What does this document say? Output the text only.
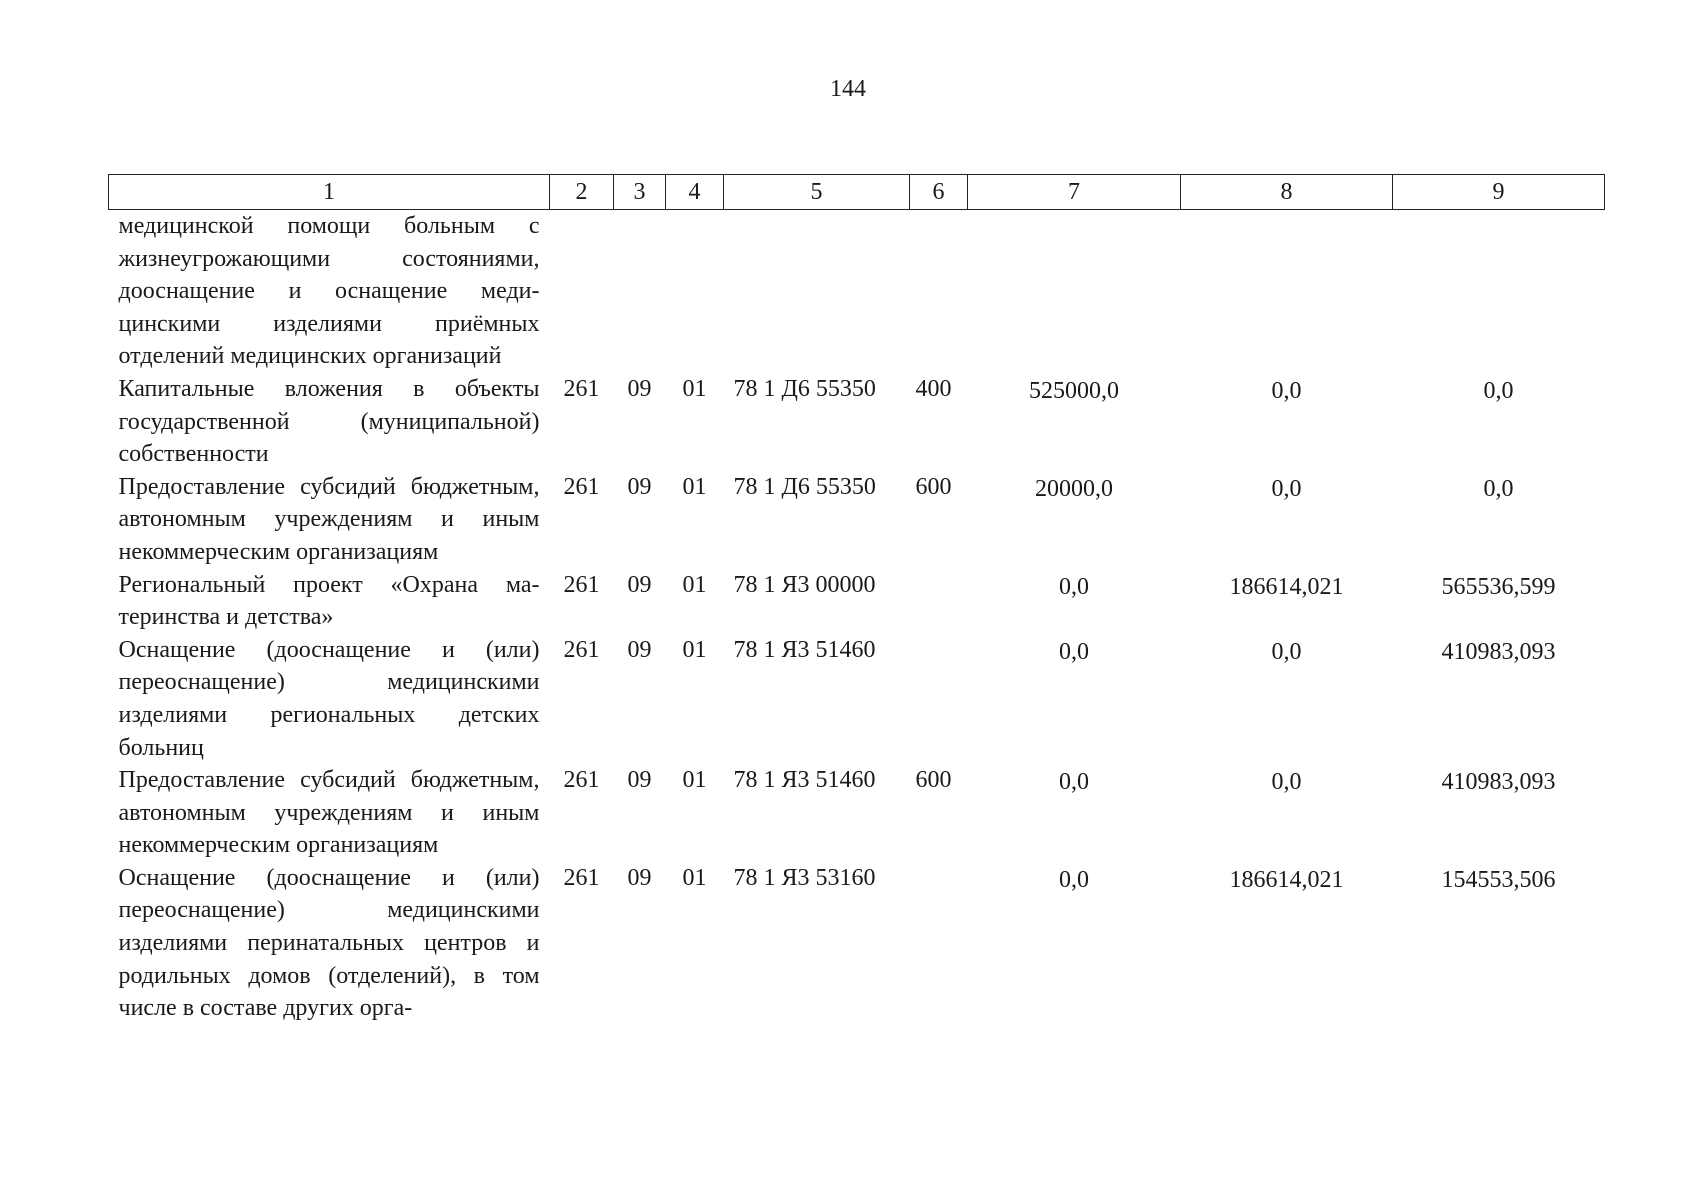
144
1	2	3	4	5	6	7	8	9
медицинской помощи больным с жизнеугрожающими состояниями, дооснащение и оснащение медицинскими изделиями приёмных отделений медицинских организаций								
Капитальные вложения в объекты государственной (муниципальной) собственности	261	09	01	78 1 Д6 55350	400	525000,0	0,0	0,0
Предоставление субсидий бюджетным, автономным учреждениям и иным некоммерческим организациям	261	09	01	78 1 Д6 55350	600	20000,0	0,0	0,0
Региональный проект «Охрана материнства и детства»	261	09	01	78 1 Я3 00000		0,0	186614,021	565536,599
Оснащение (дооснащение и (или) переоснащение) медицинскими изделиями региональных детских больниц	261	09	01	78 1 Я3 51460		0,0	0,0	410983,093
Предоставление субсидий бюджетным, автономным учреждениям и иным некоммерческим организациям	261	09	01	78 1 Я3 51460	600	0,0	0,0	410983,093
Оснащение (дооснащение и (или) переоснащение) медицинскими изделиями перинатальных центров и родильных домов (отделений), в том числе в составе других орга-	261	09	01	78 1 Я3 53160		0,0	186614,021	154553,506
